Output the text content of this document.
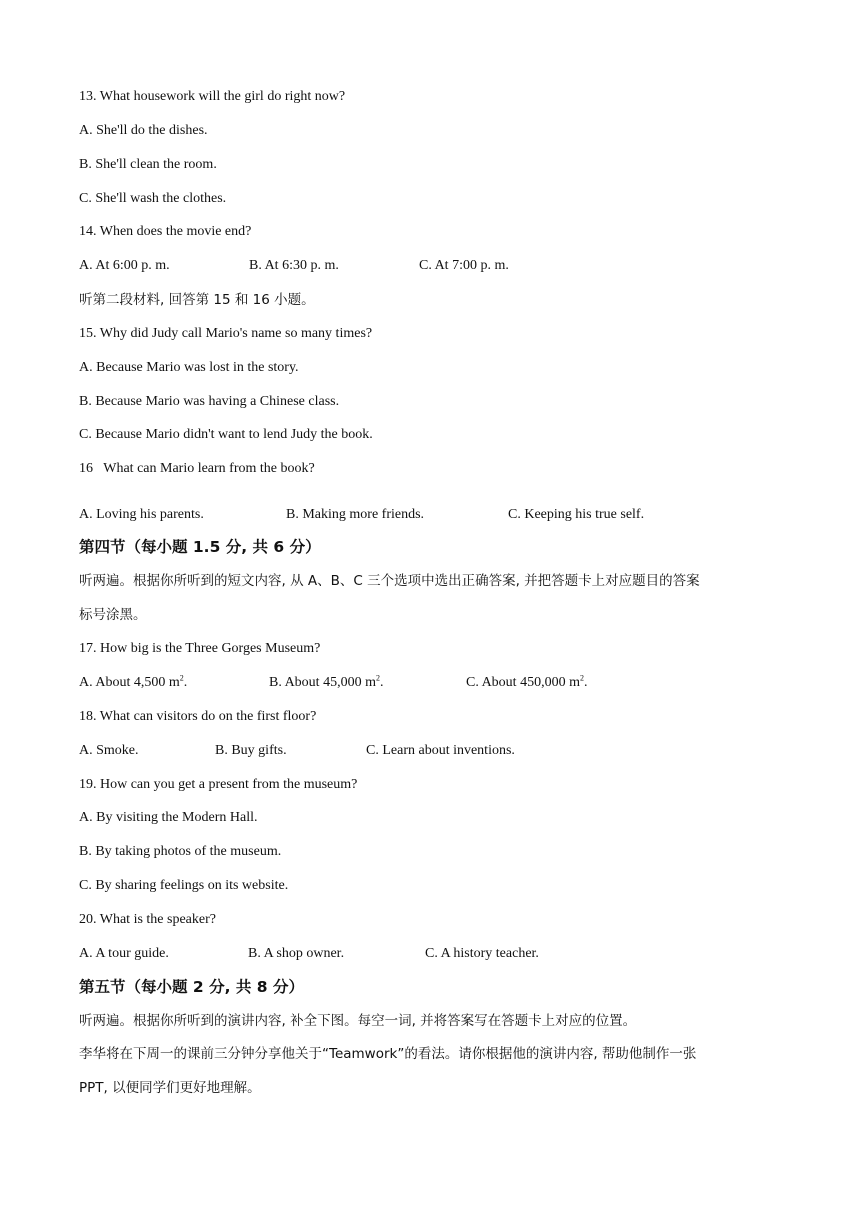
13. What housework will the girl do right now?
A. She'll do the dishes.
B. She'll clean the room.
C. She'll wash the clothes.
14. When does the movie end?
A. At 6:00 p. m.	B. At 6:30 p. m.	C. At 7:00 p. m.
听第二段材料, 回答第 15 和 16 小题。
15. Why did Judy call Mario's name so many times?
A. Because Mario was lost in the story.
B. Because Mario was having a Chinese class.
C. Because Mario didn't want to lend Judy the book.
16   What can Mario learn from the book?
A. Loving his parents.	B. Making more friends.	C. Keeping his true self.
第四节（每小题 1.5 分, 共 6 分）
听两遍。根据你所听到的短文内容, 从 A、B、C 三个选项中选出正确答案, 并把答题卡上对应题目的答案
标号涂黑。
17. How big is the Three Gorges Museum?
A. About 4,500 $m^2$.	B. About 45,000 $m^2$.	C. About 450,000 $m^2$.
18. What can visitors do on the first floor?
A. Smoke.	B. Buy gifts.	C. Learn about inventions.
19. How can you get a present from the museum?
A. By visiting the Modern Hall.
B. By taking photos of the museum.
C. By sharing feelings on its website.
20. What is the speaker?
A. A tour guide.	B. A shop owner.	C. A history teacher.
第五节（每小题 2 分, 共 8 分）
听两遍。根据你所听到的演讲内容, 补全下图。每空一词, 并将答案写在答题卡上对应的位置。
李华将在下周一的课前三分钟分享他关于“Teamwork”的看法。请你根据他的演讲内容, 帮助他制作一张
PPT, 以便同学们更好地理解。
